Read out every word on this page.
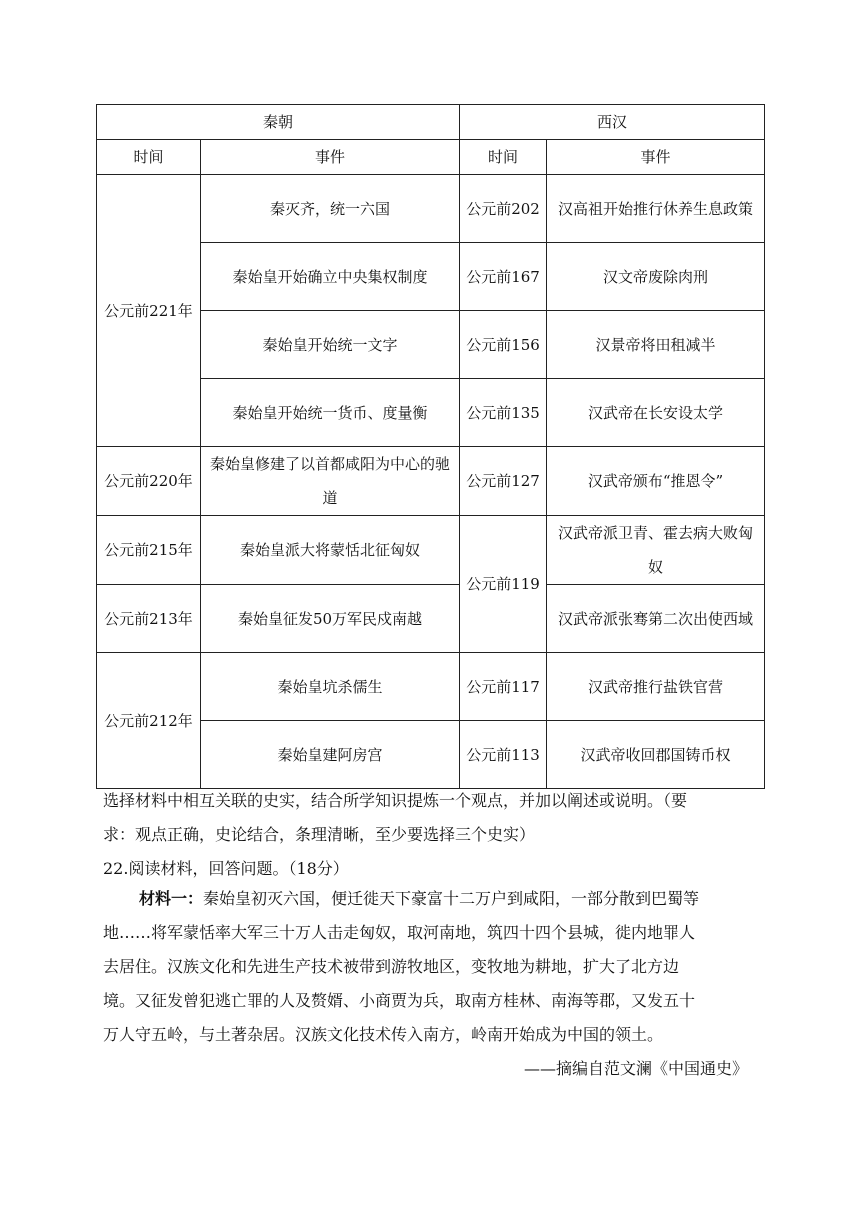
秦朝		西汉	
时间	事件	时间	事件
公元前221年	秦灭齐，统一六国	公元前202	汉高祖开始推行休养生息政策
	秦始皇开始确立中央集权制度	公元前167	汉文帝废除肉刑
	秦始皇开始统一文字	公元前156	汉景帝将田租减半
	秦始皇开始统一货币、度量衡	公元前135	汉武帝在长安设太学
公元前220年	秦始皇修建了以首都咸阳为中心的驰道	公元前127	汉武帝颁布“推恩令”
公元前215年	秦始皇派大将蒙恬北征匈奴	公元前119	汉武帝派卫青、霍去病大败匈奴
公元前213年	秦始皇征发50万军民戍南越		汉武帝派张骞第二次出使西域
公元前212年	秦始皇坑杀儒生	公元前117	汉武帝推行盐铁官营
	秦始皇建阿房宫	公元前113	汉武帝收回郡国铸币权

选择材料中相互关联的史实，结合所学知识提炼一个观点，并加以阐述或说明。（要

求：观点正确，史论结合，条理清晰，至少要选择三个史实）

22.阅读材料，回答问题。（18分）

材料一：秦始皇初灭六国，便迁徙天下豪富十二万户到咸阳，一部分散到巴蜀等

地……将军蒙恬率大军三十万人击走匈奴，取河南地，筑四十四个县城，徙内地罪人

去居住。汉族文化和先进生产技术被带到游牧地区，变牧地为耕地，扩大了北方边

境。又征发曾犯逃亡罪的人及赘婿、小商贾为兵，取南方桂林、南海等郡，又发五十

万人守五岭，与土著杂居。汉族文化技术传入南方，岭南开始成为中国的领土。

——摘编自范文澜《中国通史》
